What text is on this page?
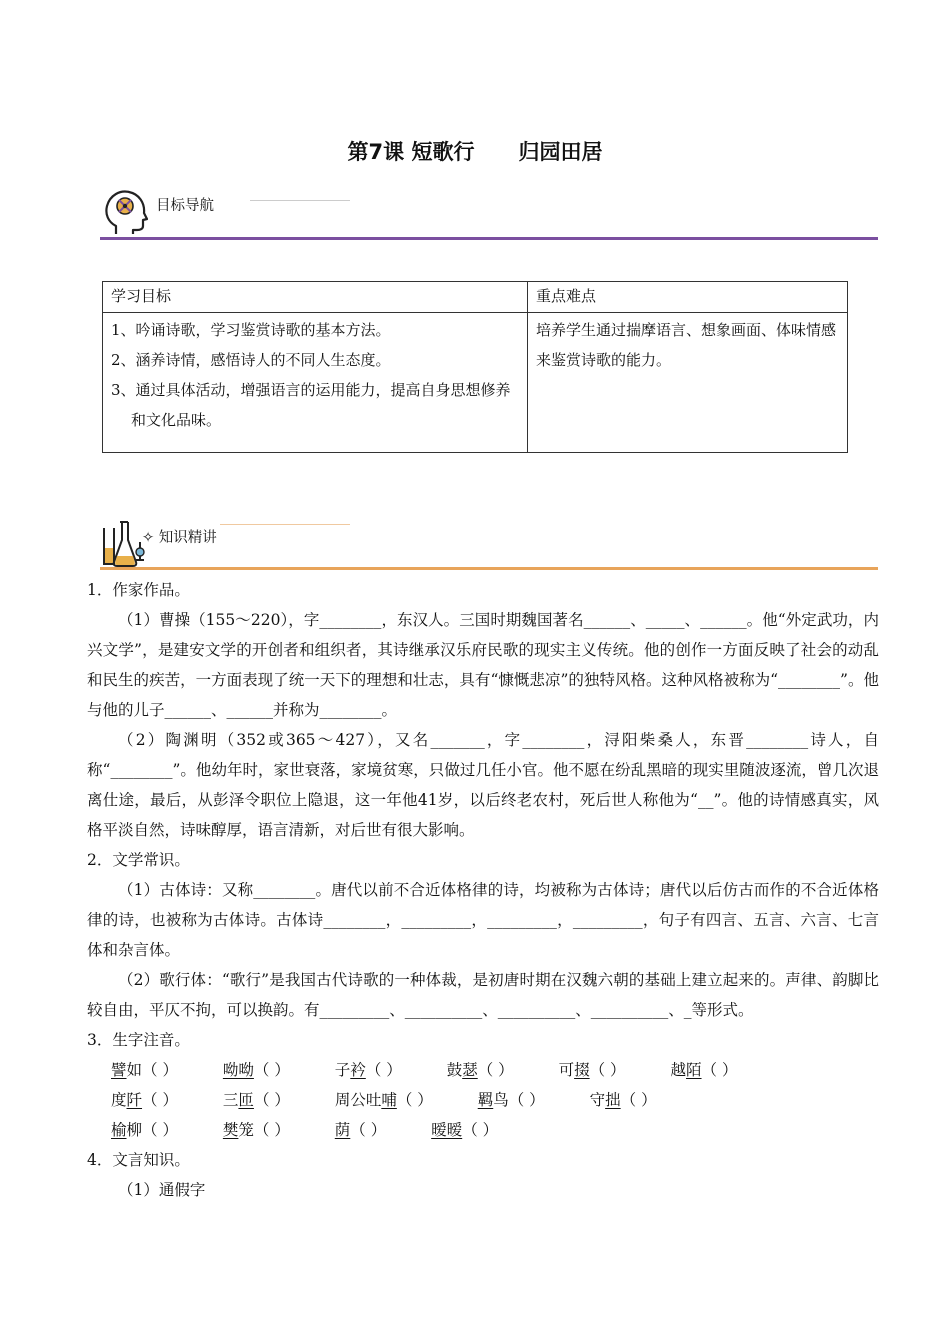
第7课 短歌行 归园田居
目标导航
学习目标	重点难点

1、吟诵诗歌，学习鉴赏诗歌的基本方法。
2、涵养诗情，感悟诗人的不同人生态度。
3、通过具体活动，增强语言的运用能力，提高自身思想修养和文化品味。	培养学生通过揣摩语言、想象画面、体味情感来鉴赏诗歌的能力。
✧ 知识精讲

1．作家作品。

（1）曹操（155～220），字________，东汉人。三国时期魏国著名______、_____、______。他“外定武功，内兴文学”，是建安文学的开创者和组织者，其诗继承汉乐府民歌的现实主义传统。他的创作一方面反映了社会的动乱和民生的疾苦，一方面表现了统一天下的理想和壮志，具有“慷慨悲凉”的独特风格。这种风格被称为“________”。他与他的儿子______、______并称为________。

（2）陶渊明（352或365～427），又名_______，字________，浔阳柴桑人，东晋________诗人，自称“________”。他幼年时，家世衰落，家境贫寒，只做过几任小官。他不愿在纷乱黑暗的现实里随波逐流，曾几次退离仕途，最后，从彭泽令职位上隐退，这一年他41岁，以后终老农村，死后世人称他为“__”。他的诗情感真实，风格平淡自然，诗味醇厚，语言清新，对后世有很大影响。

2．文学常识。

（1）古体诗：又称________。唐代以前不合近体格律的诗，均被称为古体诗；唐代以后仿古而作的不合近体格律的诗，也被称为古体诗。古体诗________，_________，_________，_________，句子有四言、五言、六言、七言体和杂言体。

（2）歌行体：“歌行”是我国古代诗歌的一种体裁，是初唐时期在汉魏六朝的基础上建立起来的。声律、韵脚比较自由，平仄不拘，可以换韵。有_________、__________、__________、__________、_等形式。

3．生字注音。

譬如（ ）	呦呦（ ）	子衿（ ）	鼓瑟（ ）	可掇（ ）	越陌（ ）
度阡（ ）	三匝（ ）	周公吐哺（ ）	羁鸟（ ）	守拙（ ）
榆柳（ ）	樊笼（ ）	荫（ ）	暧暧（ ）

4．文言知识。

（1）通假字
